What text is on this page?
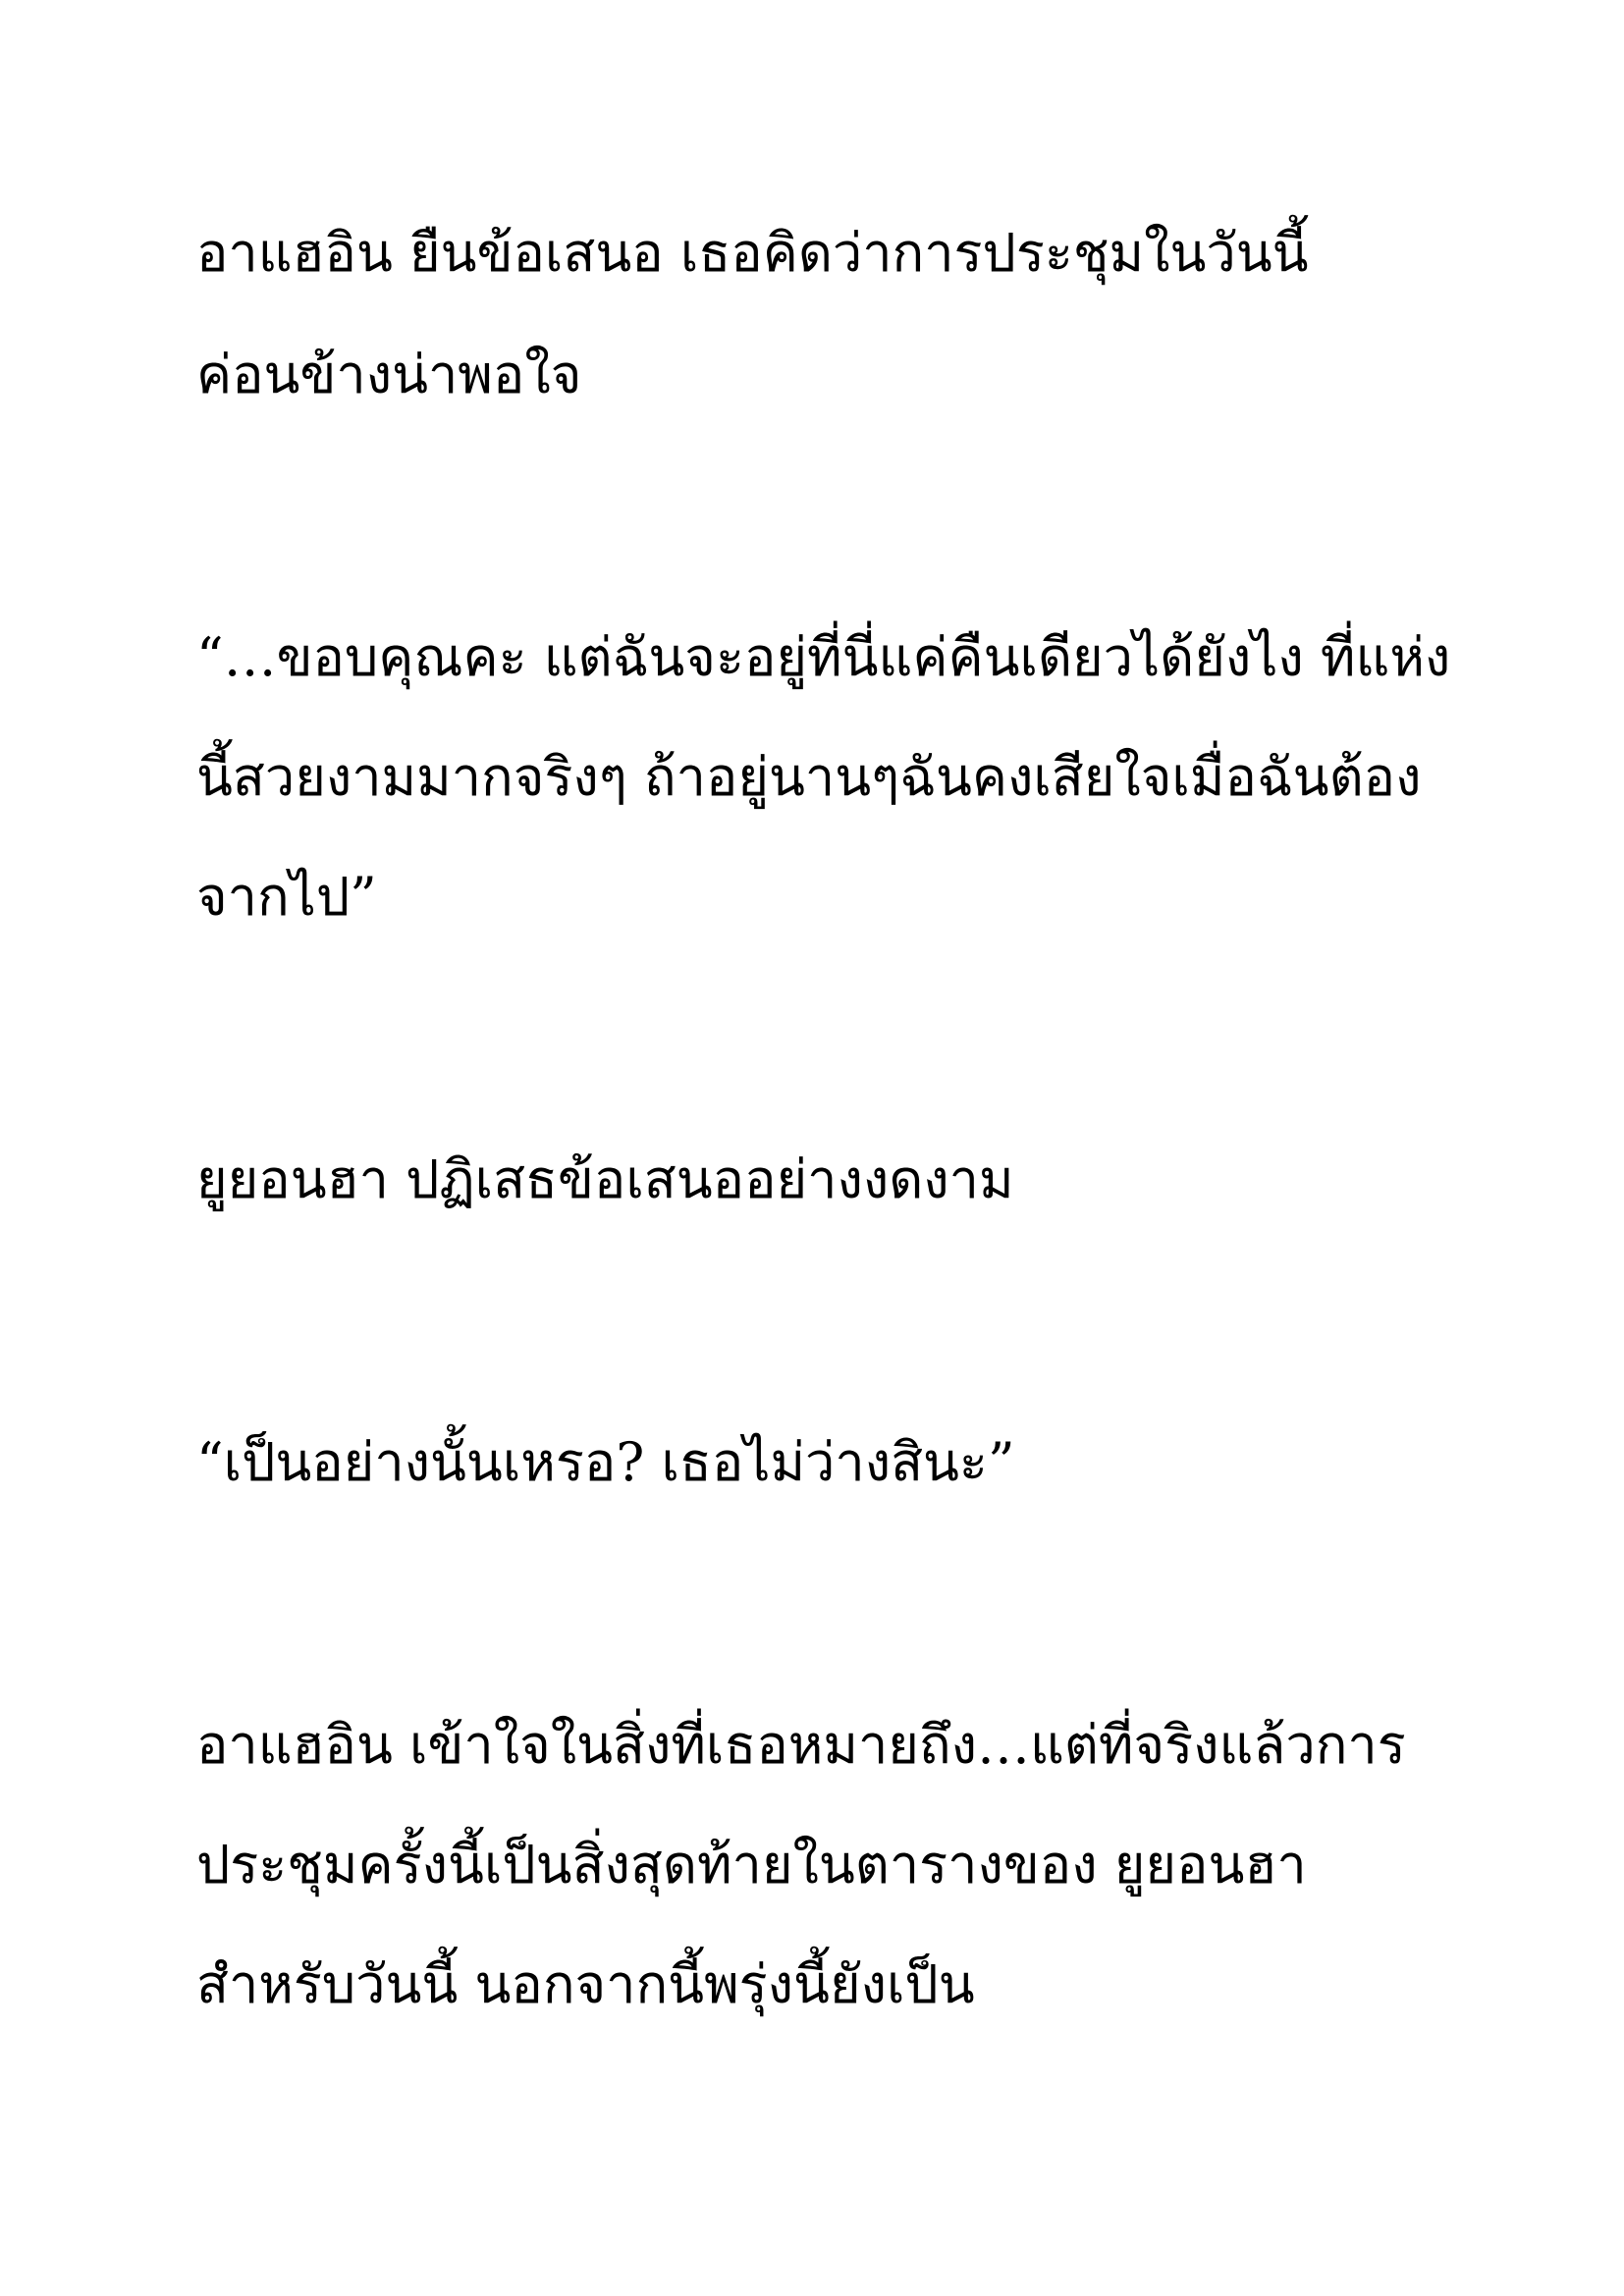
อาแฮอิน ยืนข้อเสนอ เธอคิดว่าการประชุมในวันนี้

ค่อนข้างน่าพอใจ

“…ขอบคุณคะ แต่ฉันจะอยู่ที่นี่แค่คืนเดียวได้ยังไง ที่แห่ง

นี้สวยงามมากจริงๆ ถ้าอยู่นานๆฉันคงเสียใจเมื่อฉันต้อง

จากไป”

ยูยอนฮา ปฏิเสธข้อเสนออย่างงดงาม

“เป็นอย่างนั้นเหรอ? เธอไม่ว่างสินะ”

อาแฮอิน เข้าใจในสิ่งที่เธอหมายถึง…แต่ที่จริงแล้วการ

ประชุมครั้งนี้เป็นสิ่งสุดท้ายในตารางของ ยูยอนฮา

สำหรับวันนี้ นอกจากนี้พรุ่งนี้ยังเป็น
